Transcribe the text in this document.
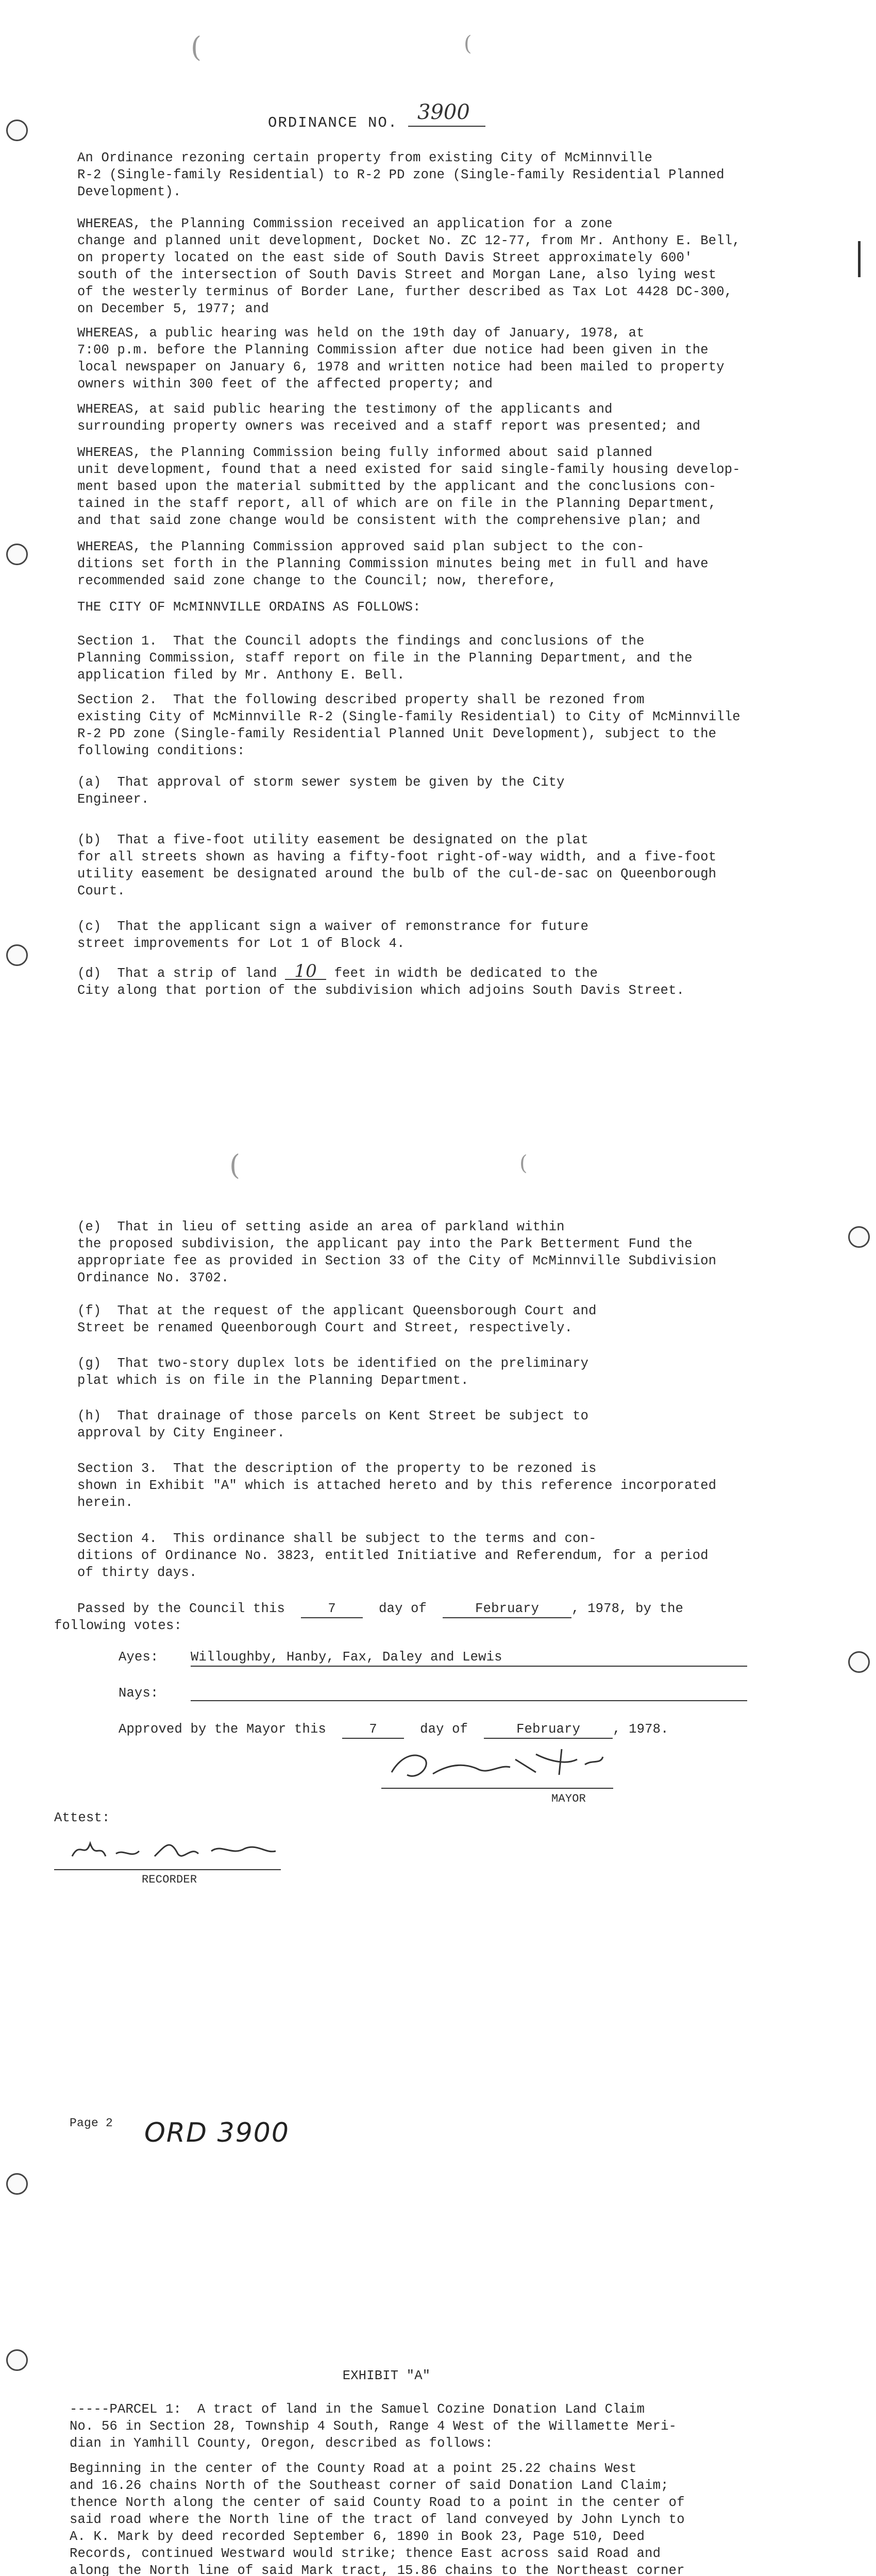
(	(
ORDINANCE NO. 3900
An Ordinance rezoning certain property from existing City of McMinnville
R-2 (Single-family Residential) to R-2 PD zone (Single-family Residential Planned
Development).
WHEREAS, the Planning Commission received an application for a zone
change and planned unit development, Docket No. ZC 12-77, from Mr. Anthony E. Bell,
on property located on the east side of South Davis Street approximately 600'
south of the intersection of South Davis Street and Morgan Lane, also lying west
of the westerly terminus of Border Lane, further described as Tax Lot 4428 DC-300,
on December 5, 1977; and
WHEREAS, a public hearing was held on the 19th day of January, 1978, at
7:00 p.m. before the Planning Commission after due notice had been given in the
local newspaper on January 6, 1978 and written notice had been mailed to property
owners within 300 feet of the affected property; and
WHEREAS, at said public hearing the testimony of the applicants and
surrounding property owners was received and a staff report was presented; and
WHEREAS, the Planning Commission being fully informed about said planned
unit development, found that a need existed for said single-family housing develop-
ment based upon the material submitted by the applicant and the conclusions con-
tained in the staff report, all of which are on file in the Planning Department,
and that said zone change would be consistent with the comprehensive plan; and
WHEREAS, the Planning Commission approved said plan subject to the con-
ditions set forth in the Planning Commission minutes being met in full and have
recommended said zone change to the Council; now, therefore,
THE CITY OF McMINNVILLE ORDAINS AS FOLLOWS:
Section 1.  That the Council adopts the findings and conclusions of the
Planning Commission, staff report on file in the Planning Department, and the
application filed by Mr. Anthony E. Bell.
Section 2.  That the following described property shall be rezoned from
existing City of McMinnville R-2 (Single-family Residential) to City of McMinnville
R-2 PD zone (Single-family Residential Planned Unit Development), subject to the
following conditions:
(a)  That approval of storm sewer system be given by the City
Engineer.
(b)  That a five-foot utility easement be designated on the plat
for all streets shown as having a fifty-foot right-of-way width, and a five-foot
utility easement be designated around the bulb of the cul-de-sac on Queenborough
Court.
(c)  That the applicant sign a waiver of remonstrance for future
street improvements for Lot 1 of Block 4.
(d)  That a strip of land 10 feet in width be dedicated to the
City along that portion of the subdivision which adjoins South Davis Street.
(	(
(e)  That in lieu of setting aside an area of parkland within
the proposed subdivision, the applicant pay into the Park Betterment Fund the
appropriate fee as provided in Section 33 of the City of McMinnville Subdivision
Ordinance No. 3702.
(f)  That at the request of the applicant Queensborough Court and
Street be renamed Queenborough Court and Street, respectively.
(g)  That two-story duplex lots be identified on the preliminary
plat which is on file in the Planning Department.
(h)  That drainage of those parcels on Kent Street be subject to
approval by City Engineer.
Section 3.  That the description of the property to be rezoned is
shown in Exhibit "A" which is attached hereto and by this reference incorporated
herein.
Section 4.  This ordinance shall be subject to the terms and con-
ditions of Ordinance No. 3823, entitled Initiative and Referendum, for a period
of thirty days.
Passed by the Council this	7	day of	February , 1978, by the
following votes:
Ayes:	Willoughby, Hanby, Fax, Daley and Lewis
Nays:
Approved by the Mayor this	7	day of	February , 1978.
MAYOR
Attest:
RECORDER
Page 2	ORD 3900
EXHIBIT "A"
-----PARCEL 1:  A tract of land in the Samuel Cozine Donation Land Claim
No. 56 in Section 28, Township 4 South, Range 4 West of the Willamette Meri-
dian in Yamhill County, Oregon, described as follows:
Beginning in the center of the County Road at a point 25.22 chains West
and 16.26 chains North of the Southeast corner of said Donation Land Claim;
thence North along the center of said County Road to a point in the center of
said road where the North line of the tract of land conveyed by John Lynch to
A. K. Mark by deed recorded September 6, 1890 in Book 23, Page 510, Deed
Records, continued Westward would strike; thence East across said Road and
along the North line of said Mark tract, 15.86 chains to the Northeast corner
